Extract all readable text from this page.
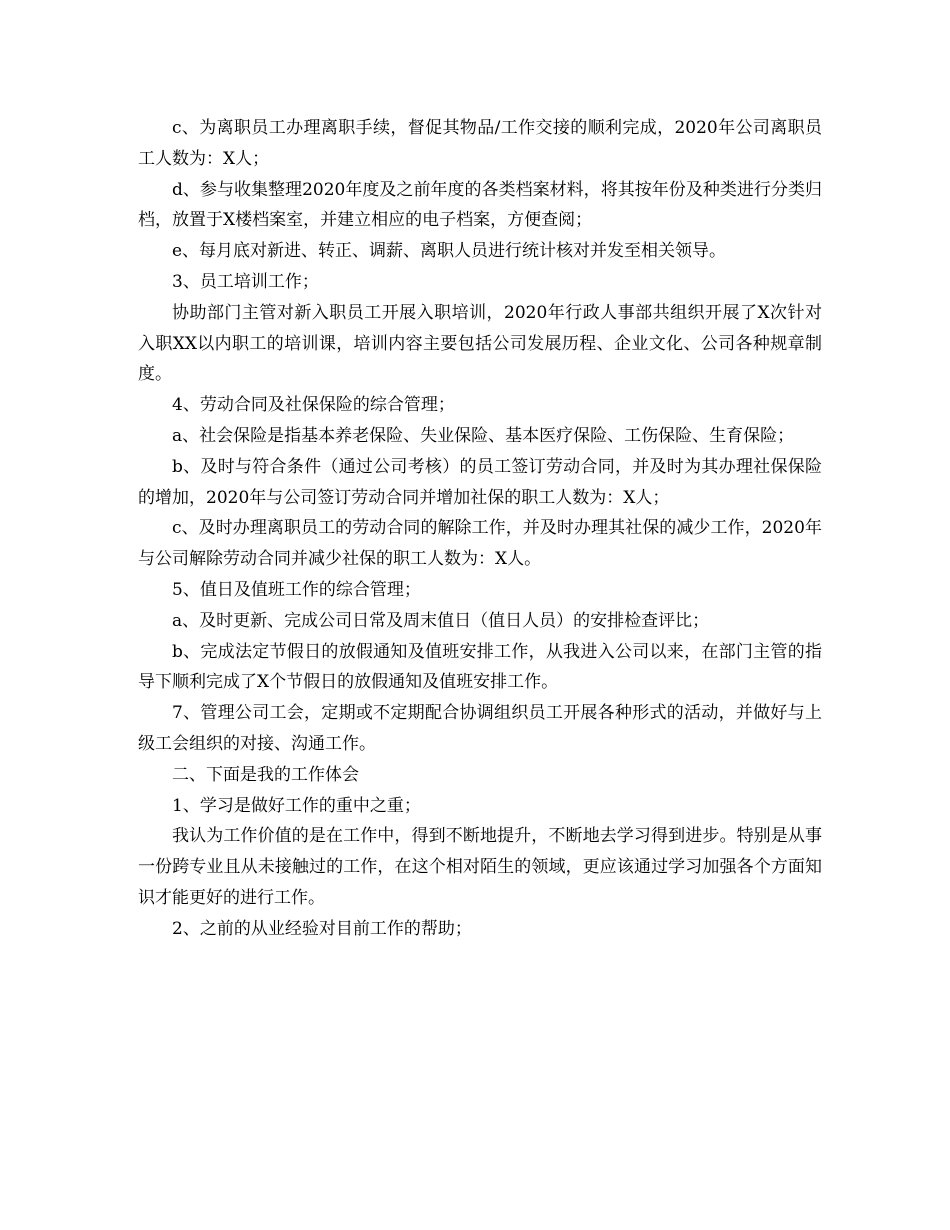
c、为离职员工办理离职手续，督促其物品/工作交接的顺利完成，2020年公司离职员工人数为：X人；

d、参与收集整理2020年度及之前年度的各类档案材料，将其按年份及种类进行分类归档，放置于X楼档案室，并建立相应的电子档案，方便查阅；

e、每月底对新进、转正、调薪、离职人员进行统计核对并发至相关领导。

3、员工培训工作；

协助部门主管对新入职员工开展入职培训，2020年行政人事部共组织开展了X次针对入职XX以内职工的培训课，培训内容主要包括公司发展历程、企业文化、公司各种规章制度。

4、劳动合同及社保保险的综合管理；

a、社会保险是指基本养老保险、失业保险、基本医疗保险、工伤保险、生育保险；

b、及时与符合条件（通过公司考核）的员工签订劳动合同，并及时为其办理社保保险的增加，2020年与公司签订劳动合同并增加社保的职工人数为：X人；

c、及时办理离职员工的劳动合同的解除工作，并及时办理其社保的减少工作，2020年与公司解除劳动合同并减少社保的职工人数为：X人。

5、值日及值班工作的综合管理；

a、及时更新、完成公司日常及周末值日（值日人员）的安排检查评比；

b、完成法定节假日的放假通知及值班安排工作，从我进入公司以来，在部门主管的指导下顺利完成了X个节假日的放假通知及值班安排工作。

7、管理公司工会，定期或不定期配合协调组织员工开展各种形式的活动，并做好与上级工会组织的对接、沟通工作。

二、下面是我的工作体会

1、学习是做好工作的重中之重；

我认为工作价值的是在工作中，得到不断地提升，不断地去学习得到进步。特别是从事一份跨专业且从未接触过的工作，在这个相对陌生的领域，更应该通过学习加强各个方面知识才能更好的进行工作。

2、之前的从业经验对目前工作的帮助；
